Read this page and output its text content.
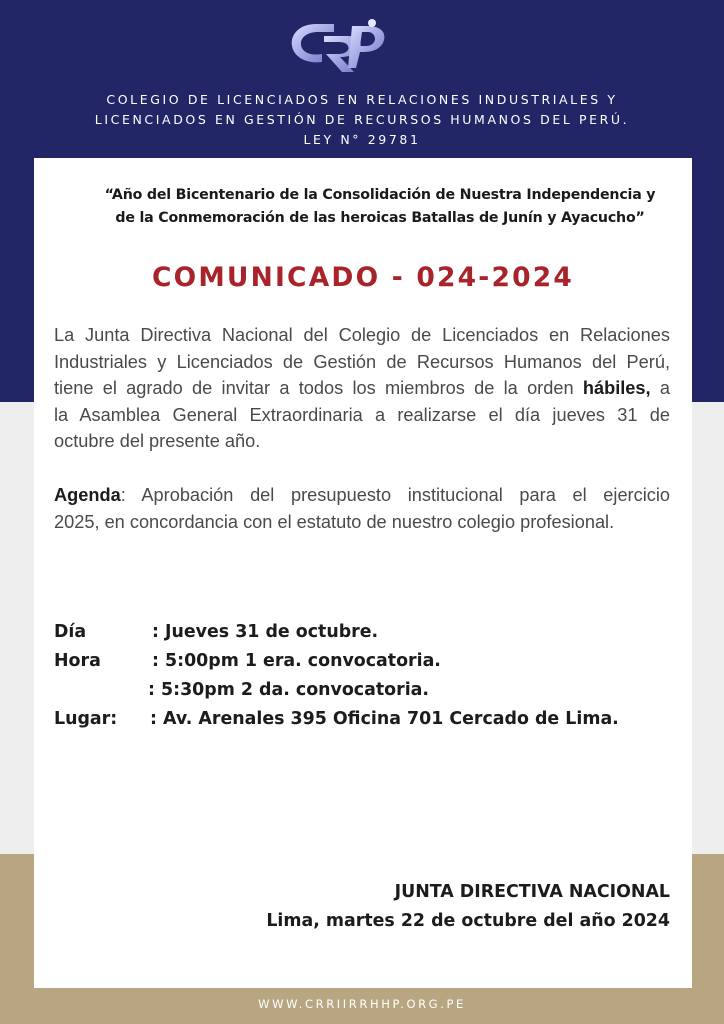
COLEGIO DE LICENCIADOS EN RELACIONES INDUSTRIALES Y
LICENCIADOS EN GESTIÓN DE RECURSOS HUMANOS DEL PERÚ.
LEY N° 29781
“Año del Bicentenario de la Consolidación de Nuestra Independencia y
de la Conmemoración de las heroicas Batallas de Junín y Ayacucho”
COMUNICADO - 024-2024
La Junta Directiva Nacional del Colegio de Licenciados en Relaciones
Industriales y Licenciados de Gestión de Recursos Humanos del Perú,
tiene el agrado de invitar a todos los miembros de la orden hábiles, a
la Asamblea General Extraordinaria a realizarse el día jueves 31 de
octubre del presente año.
Agenda: Aprobación del presupuesto institucional para el ejercicio
2025, en concordancia con el estatuto de nuestro colegio profesional.
Día	: Jueves 31 de octubre.
Hora	: 5:00pm 1 era. convocatoria.
: 5:30pm 2 da. convocatoria.
Lugar: : Av. Arenales 395 Oficina 701 Cercado de Lima.
JUNTA DIRECTIVA NACIONAL
Lima, martes 22 de octubre del año 2024
WWW.CRRIIRRHHP.ORG.PE
